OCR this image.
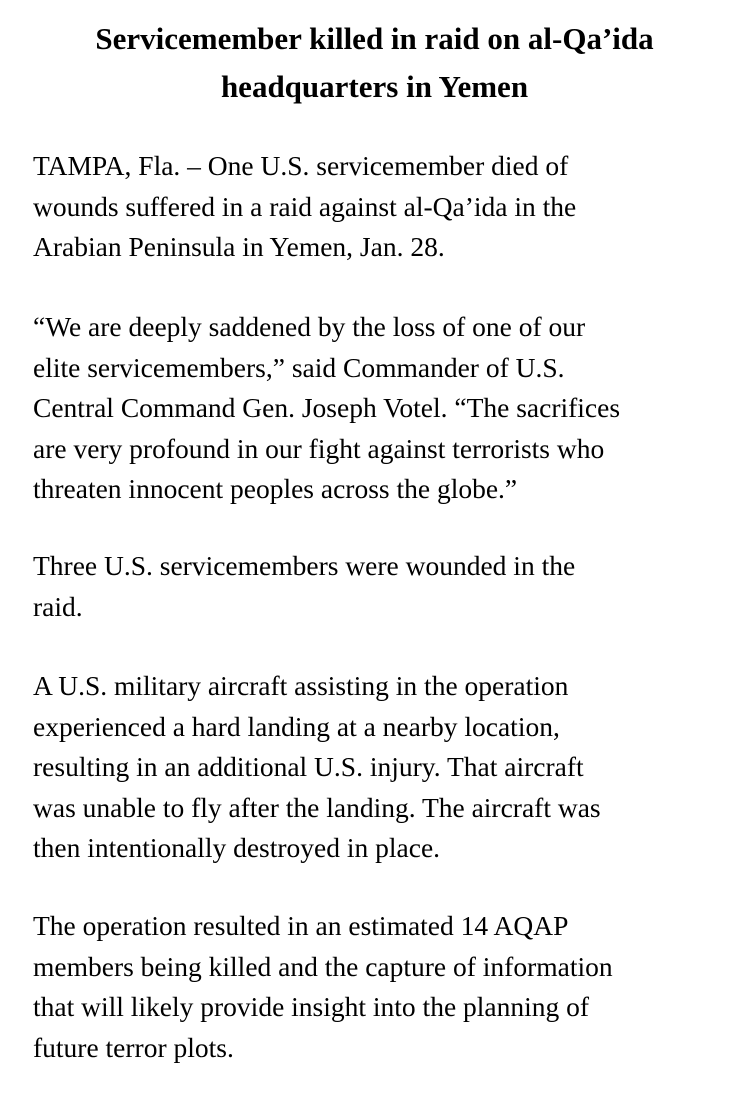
Servicemember killed in raid on al-Qa’ida
headquarters in Yemen

TAMPA, Fla. – One U.S. servicemember died of
wounds suffered in a raid against al-Qa’ida in the
Arabian Peninsula in Yemen, Jan. 28.

“We are deeply saddened by the loss of one of our
elite servicemembers,” said Commander of U.S.
Central Command Gen. Joseph Votel. “The sacrifices
are very profound in our fight against terrorists who
threaten innocent peoples across the globe.”

Three U.S. servicemembers were wounded in the
raid.

A U.S. military aircraft assisting in the operation
experienced a hard landing at a nearby location,
resulting in an additional U.S. injury. That aircraft
was unable to fly after the landing. The aircraft was
then intentionally destroyed in place.

The operation resulted in an estimated 14 AQAP
members being killed and the capture of information
that will likely provide insight into the planning of
future terror plots.
